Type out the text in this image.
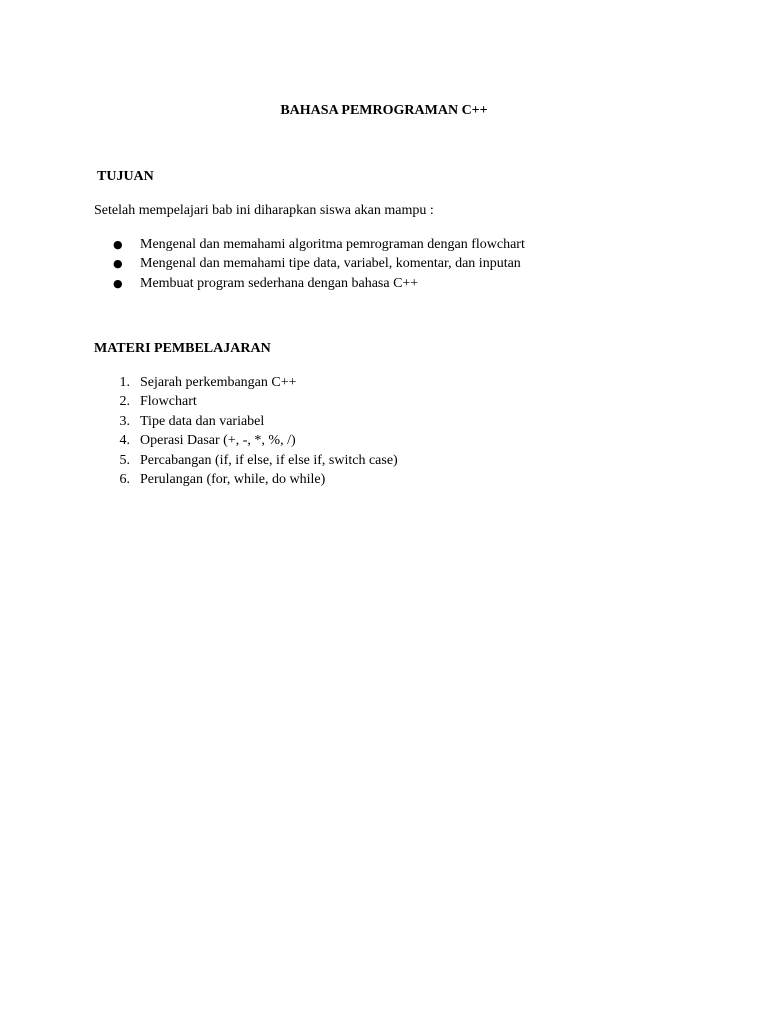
BAHASA PEMROGRAMAN C++
TUJUAN
Setelah mempelajari bab ini diharapkan siswa akan mampu :
●	Mengenal dan memahami algoritma pemrograman dengan flowchart
●	Mengenal dan memahami tipe data, variabel, komentar, dan inputan
●	Membuat program sederhana dengan bahasa C++
MATERI PEMBELAJARAN
1. Sejarah perkembangan C++
2. Flowchart
3. Tipe data dan variabel
4. Operasi Dasar (+, -, *, %, /)
5. Percabangan (if, if else, if else if, switch case)
6. Perulangan (for, while, do while)
